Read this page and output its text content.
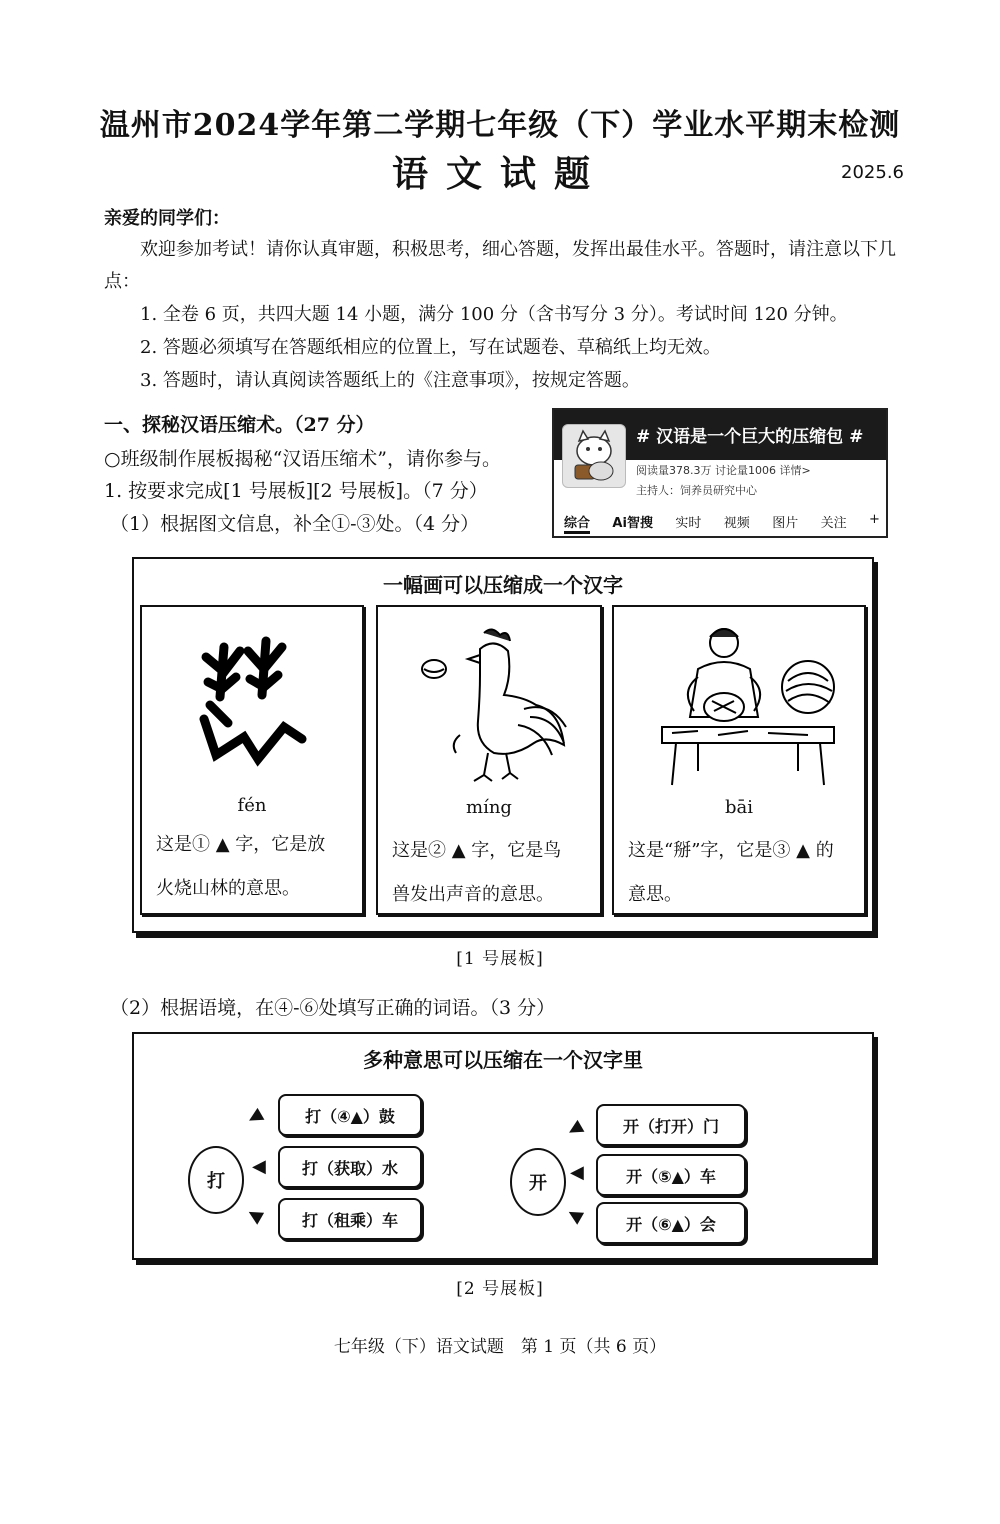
温州市2024学年第二学期七年级（下）学业水平期末检测
语文试题	2025.6
亲爱的同学们：
欢迎参加考试！请你认真审题，积极思考，细心答题，发挥出最佳水平。答题时，请注意以下几点：
1. 全卷 6 页，共四大题 14 小题，满分 100 分（含书写分 3 分）。考试时间 120 分钟。
2. 答题必须填写在答题纸相应的位置上，写在试题卷、草稿纸上均无效。
3. 答题时，请认真阅读答题纸上的《注意事项》，按规定答题。
一、探秘汉语压缩术。（27 分）
○班级制作展板揭秘“汉语压缩术”，请你参与。
1. 按要求完成[1 号展板][2 号展板]。（7 分）
（1）根据图文信息，补全①-③处。（4 分）
# 汉语是一个巨大的压缩包 #
阅读量378.3万 讨论量1006 详情>
主持人：饲养员研究中心
综合 Ai智搜 实时 视频 图片 关注 +
一幅画可以压缩成一个汉字
fén
这是① ▲ 字，它是放
火烧山林的意思。
míng
这是② ▲ 字，它是鸟
兽发出声音的意思。
bāi
这是“掰”字，它是③ ▲ 的
意思。
[1 号展板]
（2）根据语境，在④-⑥处填写正确的词语。（3 分）
多种意思可以压缩在一个汉字里
打
◀
◀
◀
打（④▲）鼓
打（获取）水
打（租乘）车
开
◀
◀
◀
开（打开）门
开（⑤▲）车
开（⑥▲）会
[2 号展板]
七年级（下）语文试题　第 1 页（共 6 页）
